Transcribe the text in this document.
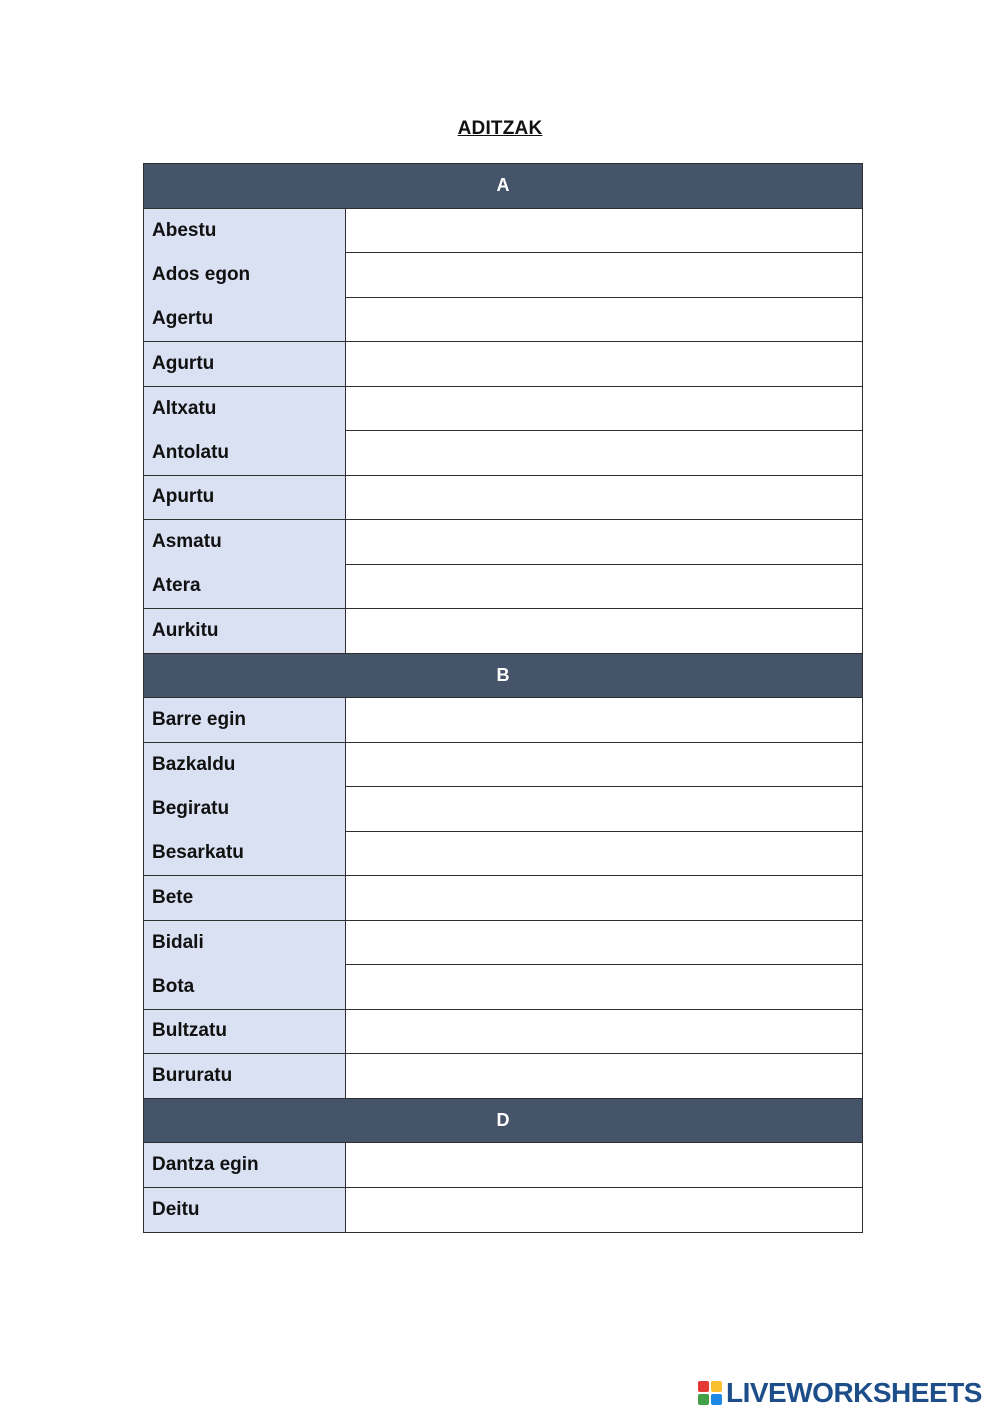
ADITZAK
A
Abestu
Ados egon
Agertu
Agurtu
Altxatu
Antolatu
Apurtu
Asmatu
Atera
Aurkitu
B
Barre egin
Bazkaldu
Begiratu
Besarkatu
Bete
Bidali
Bota
Bultzatu
Bururatu
D
Dantza egin
Deitu
LIVEWORKSHEETS
